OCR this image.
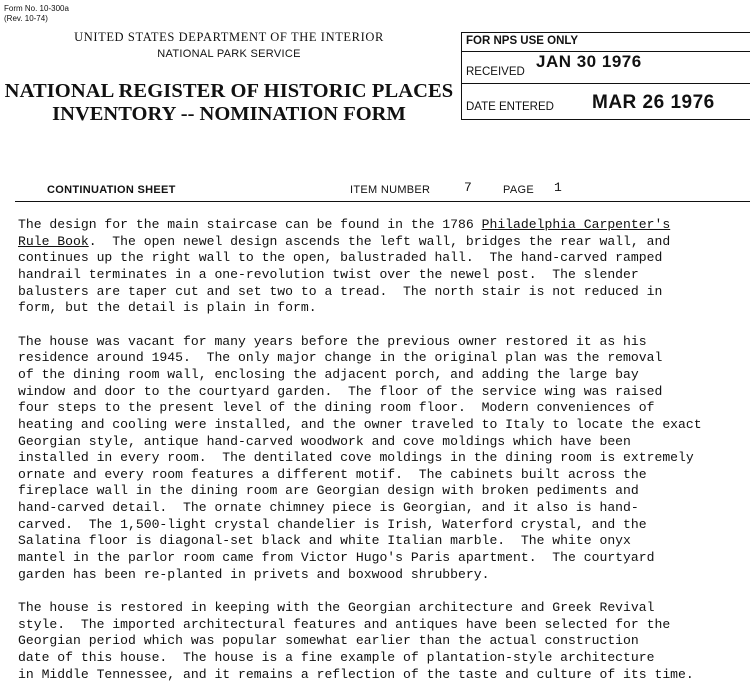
Form No. 10-300a
(Rev. 10-74)
UNITED STATES DEPARTMENT OF THE INTERIOR
NATIONAL PARK SERVICE
NATIONAL REGISTER OF HISTORIC PLACES
INVENTORY -- NOMINATION FORM
FOR NPS USE ONLY
RECEIVED
JAN 30 1976
DATE ENTERED MAR 26 1976
CONTINUATION SHEET	ITEM NUMBER	7	PAGE 1
The design for the main staircase can be found in the 1786 Philadelphia Carpenter's
Rule Book.  The open newel design ascends the left wall, bridges the rear wall, and
continues up the right wall to the open, balustraded hall.  The hand-carved ramped
handrail terminates in a one-revolution twist over the newel post.  The slender
balusters are taper cut and set two to a tread.  The north stair is not reduced in
form, but the detail is plain in form.
The house was vacant for many years before the previous owner restored it as his
residence around 1945.  The only major change in the original plan was the removal
of the dining room wall, enclosing the adjacent porch, and adding the large bay
window and door to the courtyard garden.  The floor of the service wing was raised
four steps to the present level of the dining room floor.  Modern conveniences of
heating and cooling were installed, and the owner traveled to Italy to locate the exact
Georgian style, antique hand-carved woodwork and cove moldings which have been
installed in every room.  The dentilated cove moldings in the dining room is extremely
ornate and every room features a different motif.  The cabinets built across the
fireplace wall in the dining room are Georgian design with broken pediments and
hand-carved detail.  The ornate chimney piece is Georgian, and it also is hand-
carved.  The 1,500-light crystal chandelier is Irish, Waterford crystal, and the
Salatina floor is diagonal-set black and white Italian marble.  The white onyx
mantel in the parlor room came from Victor Hugo's Paris apartment.  The courtyard
garden has been re-planted in privets and boxwood shrubbery.
The house is restored in keeping with the Georgian architecture and Greek Revival
style.  The imported architectural features and antiques have been selected for the
Georgian period which was popular somewhat earlier than the actual construction
date of this house.  The house is a fine example of plantation-style architecture
in Middle Tennessee, and it remains a reflection of the taste and culture of its time.
